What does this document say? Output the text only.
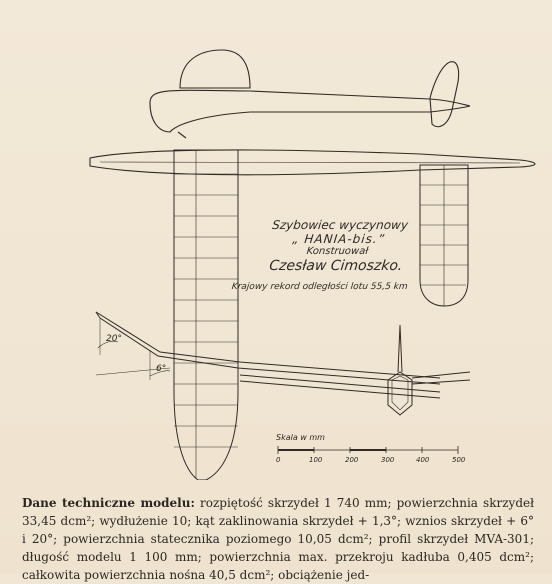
Szybowiec wyczynowy
„ HANIA-bis.”
Konstruował
Czesław Cimoszko.
Krajowy rekord odległości lotu 55,5 km
20°
6°
Skala w mm
0	100	200	300	400	500
Dane techniczne modelu: rozpiętość skrzydeł 1 740 mm; powierzchnia skrzydeł 33,45 dcm²; wydłużenie 10; kąt zaklinowania skrzydeł + 1,3°; wznios skrzydeł + 6° i 20°; powierzchnia statecznika poziomego 10,05 dcm²; profil skrzydeł MVA-301; długość modelu 1 100 mm; powierzchnia max. przekroju kadłuba 0,405 dcm²; całkowita powierzchnia nośna 40,5 dcm²; obciążenie jed-
